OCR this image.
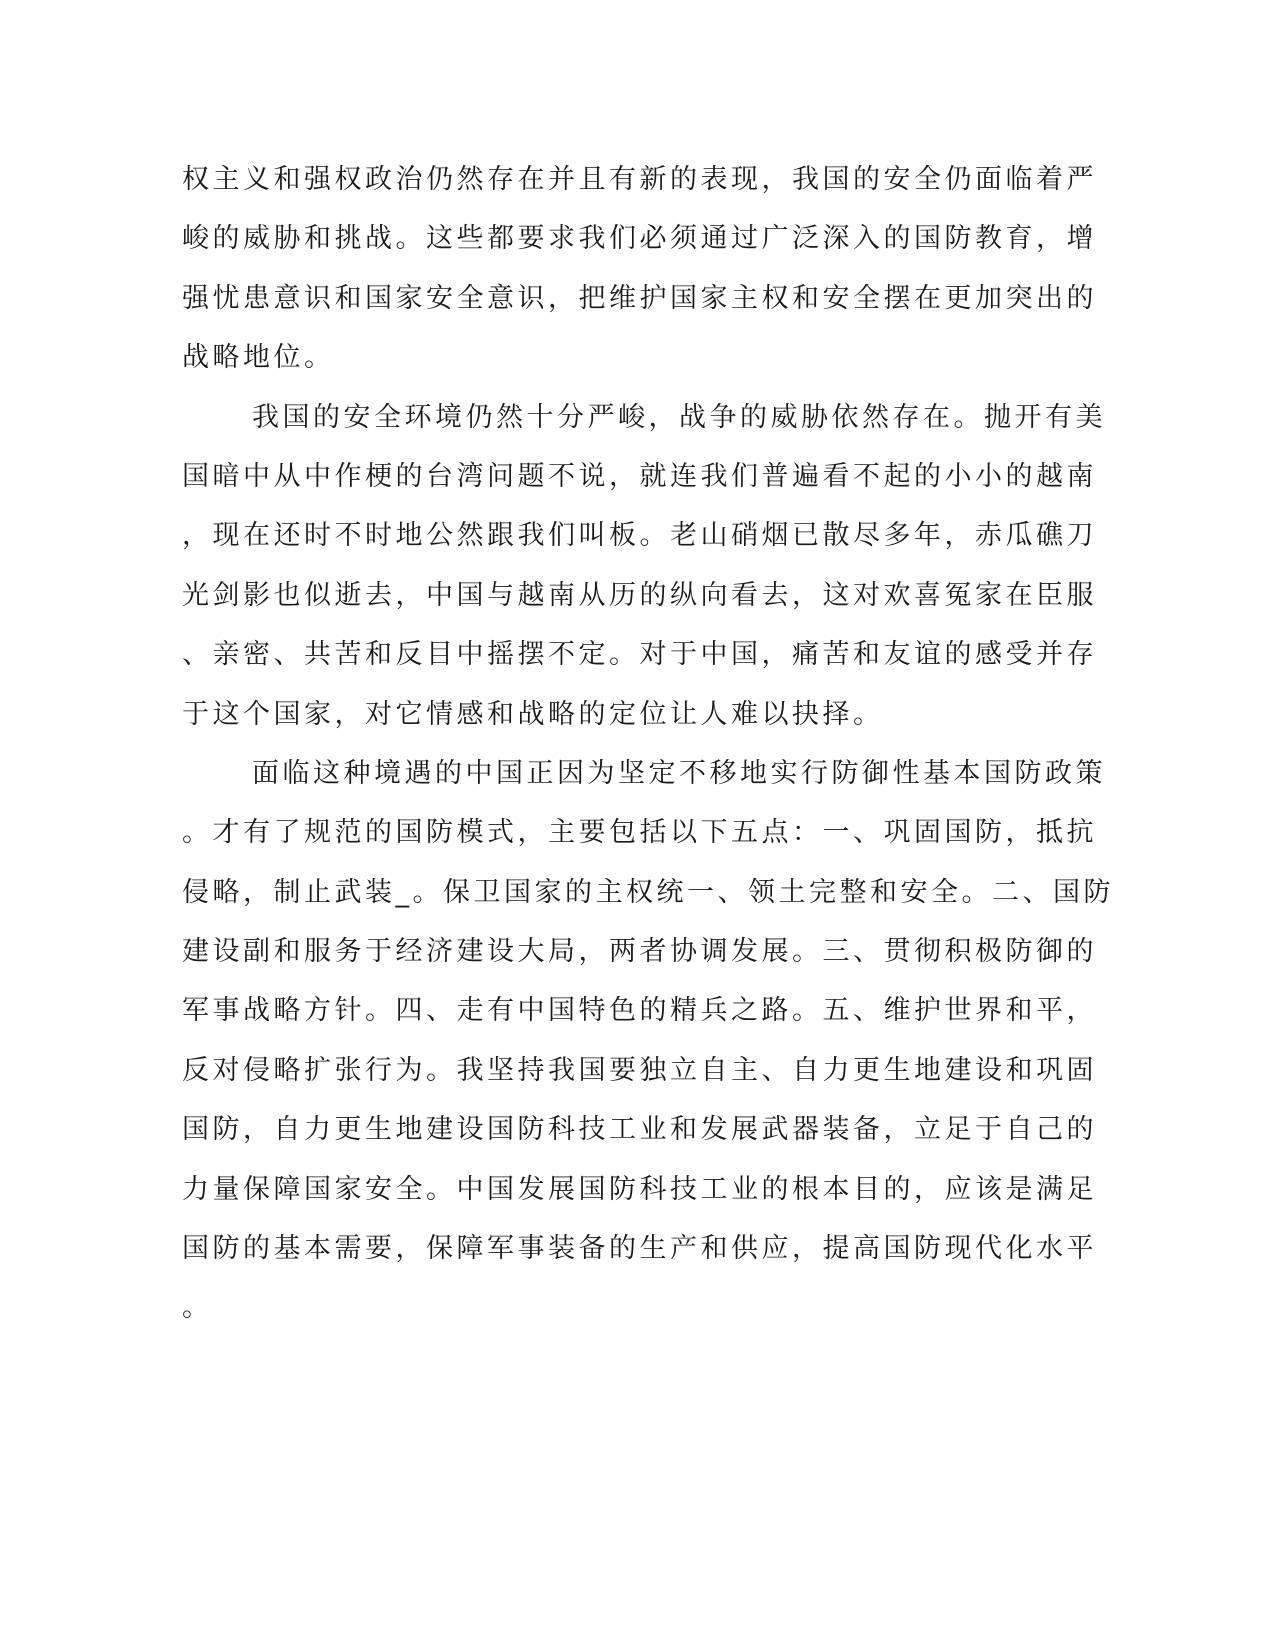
权主义和强权政治仍然存在并且有新的表现，我国的安全仍面临着严
峻的威胁和挑战。这些都要求我们必须通过广泛深入的国防教育，增
强忧患意识和国家安全意识，把维护国家主权和安全摆在更加突出的
战略地位。
我国的安全环境仍然十分严峻，战争的威胁依然存在。抛开有美
国暗中从中作梗的台湾问题不说，就连我们普遍看不起的小小的越南
，现在还时不时地公然跟我们叫板。老山硝烟已散尽多年，赤瓜礁刀
光剑影也似逝去，中国与越南从历的纵向看去，这对欢喜冤家在臣服
、亲密、共苦和反目中摇摆不定。对于中国，痛苦和友谊的感受并存
于这个国家，对它情感和战略的定位让人难以抉择。
面临这种境遇的中国正因为坚定不移地实行防御性基本国防政策
。才有了规范的国防模式，主要包括以下五点：一、巩固国防，抵抗
侵略，制止武装_。保卫国家的主权统一、领土完整和安全。二、国防
建设副和服务于经济建设大局，两者协调发展。三、贯彻积极防御的
军事战略方针。四、走有中国特色的精兵之路。五、维护世界和平，
反对侵略扩张行为。我坚持我国要独立自主、自力更生地建设和巩固
国防，自力更生地建设国防科技工业和发展武器装备，立足于自己的
力量保障国家安全。中国发展国防科技工业的根本目的，应该是满足
国防的基本需要，保障军事装备的生产和供应，提高国防现代化水平
。
